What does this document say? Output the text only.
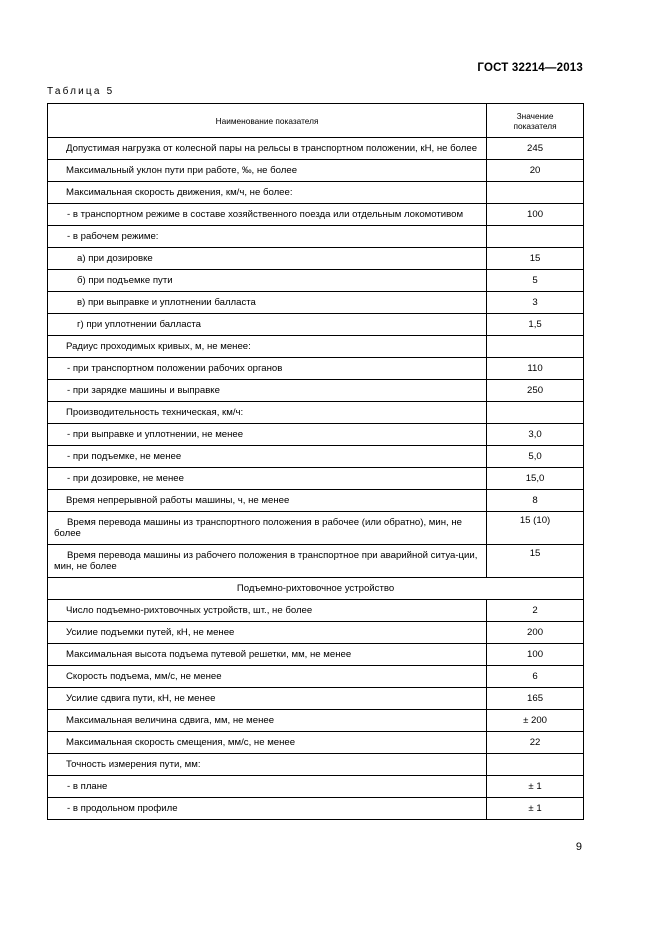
ГОСТ 32214—2013
Таблица 5
Наименование показателя	Значение показателя
Допустимая нагрузка от колесной пары на рельсы в транспортном положении, кН, не более	245
Максимальный уклон пути при работе, ‰, не более	20
Максимальная скорость движения, км/ч, не более:	
- в транспортном режиме в составе хозяйственного поезда или отдельным локомотивом	100
- в рабочем режиме:	
а) при дозировке	15
б) при подъемке пути	5
в) при выправке и уплотнении балласта	3
г) при уплотнении балласта	1,5
Радиус проходимых кривых, м, не менее:	
- при транспортном положении рабочих органов	110
- при зарядке машины и выправке	250
Производительность техническая, км/ч:	
- при выправке и уплотнении, не менее	3,0
- при подъемке, не менее	5,0
- при дозировке, не менее	15,0
Время непрерывной работы машины, ч, не менее	8
Время перевода машины из транспортного положения в рабочее (или обратно), мин, не более	15 (10)
Время перевода машины из рабочего положения в транспортное при аварийной ситуа-ции, мин, не более	15
Подъемно-рихтовочное устройство	
Число подъемно-рихтовочных устройств, шт., не более	2
Усилие подъемки путей, кН, не менее	200
Максимальная высота подъема путевой решетки, мм, не менее	100
Скорость подъема, мм/с, не менее	6
Усилие сдвига пути, кН, не менее	165
Максимальная величина сдвига, мм, не менее	± 200
Максимальная скорость смещения, мм/с, не менее	22
Точность измерения пути, мм:	
- в плане	± 1
- в продольном профиле	± 1
9
